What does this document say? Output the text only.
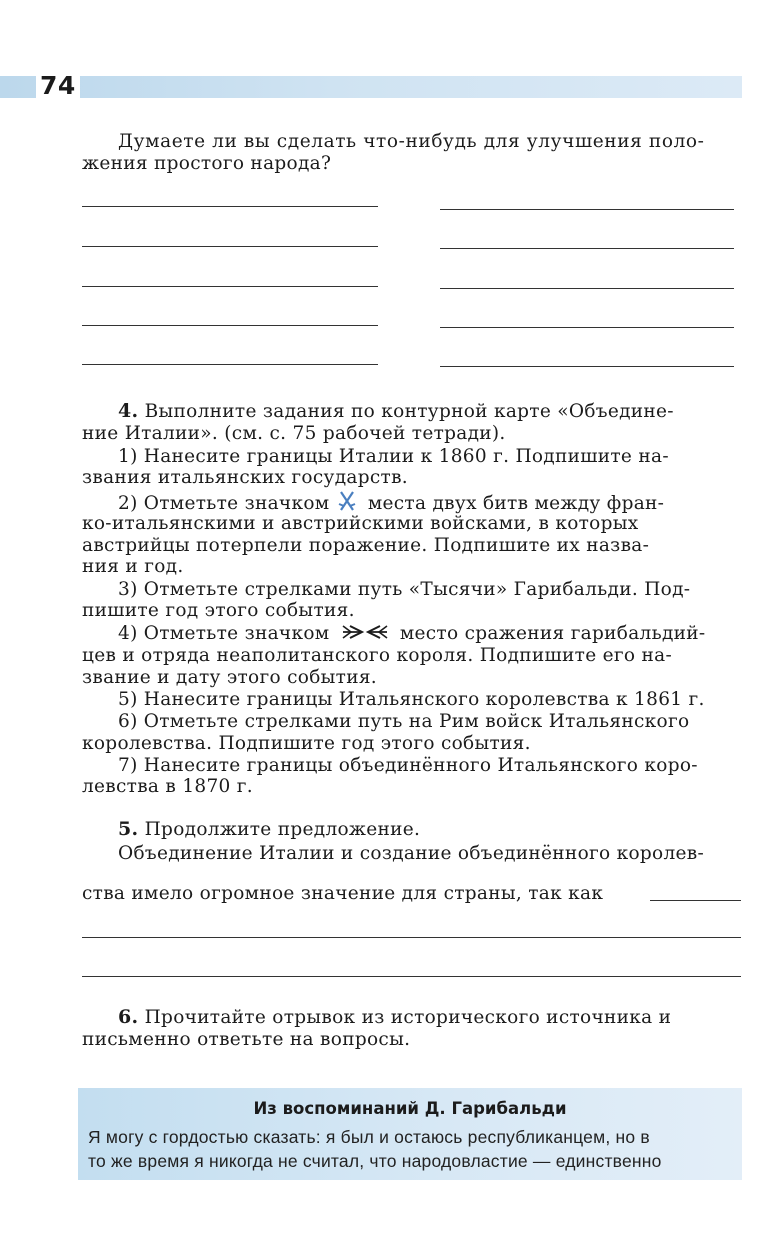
74
Думаете ли вы сделать что-нибудь для улучшения поло-
жения простого народа?
4. Выполните задания по контурной карте «Объедине-
ние Италии». (см. с. 75 рабочей тетради).
1) Нанесите границы Италии к 1860 г. Подпишите на-
звания итальянских государств.
2) Отметьте значком места двух битв между фран-
ко-итальянскими и австрийскими войсками, в которых
австрийцы потерпели поражение. Подпишите их назва-
ния и год.
3) Отметьте стрелками путь «Тысячи» Гарибальди. Под-
пишите год этого события.
4) Отметьте значком	место сражения гарибальдий-
цев и отряда неаполитанского короля. Подпишите его на-
звание и дату этого события.
5) Нанесите границы Итальянского королевства к 1861 г.
6) Отметьте стрелками путь на Рим войск Итальянского
королевства. Подпишите год этого события.
7) Нанесите границы объединённого Итальянского коро-
левства в 1870 г.
5. Продолжите предложение.
Объединение Италии и создание объединённого королев-
ства имело огромное значение для страны, так как
6. Прочитайте отрывок из исторического источника и
письменно ответьте на вопросы.
Из воспоминаний Д. Гарибальди
Я могу с гордостью сказать: я был и остаюсь республиканцем, но в
то же время я никогда не считал, что народовластие — единственно
